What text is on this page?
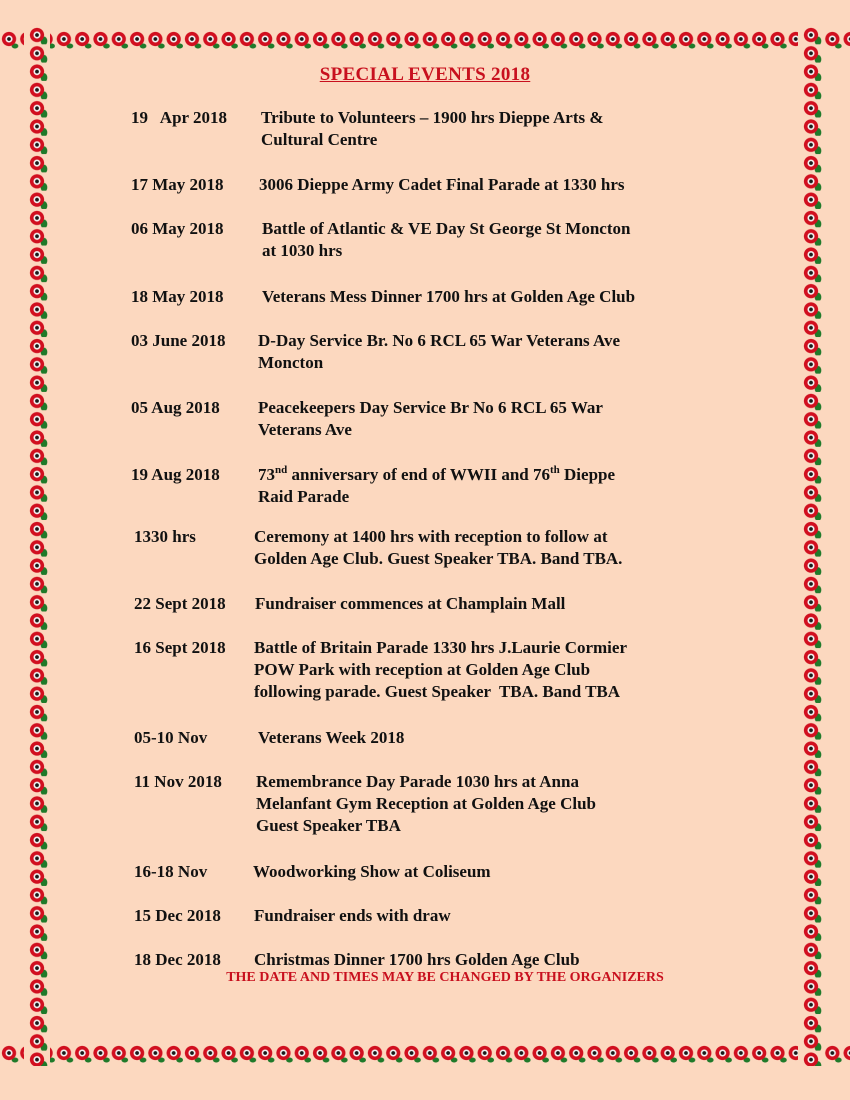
SPECIAL EVENTS 2018
19   Apr 2018 Tribute to Volunteers – 1900 hrs Dieppe Arts &
Cultural Centre
17 May 2018 3006 Dieppe Army Cadet Final Parade at 1330 hrs
06 May 2018 Battle of Atlantic & VE Day St George St Moncton
at 1030 hrs
18 May 2018 Veterans Mess Dinner 1700 hrs at Golden Age Club
03 June 2018 D-Day Service Br. No 6 RCL 65 War Veterans Ave
Moncton
05 Aug 2018 Peacekeepers Day Service Br No 6 RCL 65 War
Veterans Ave
19 Aug 2018 73nd anniversary of end of WWII and 76th Dieppe
Raid Parade
1330 hrs	Ceremony at 1400 hrs with reception to follow at
Golden Age Club. Guest Speaker TBA. Band TBA.
22 Sept 2018 Fundraiser commences at Champlain Mall
16 Sept 2018 Battle of Britain Parade 1330 hrs J.Laurie Cormier
POW Park with reception at Golden Age Club
following parade. Guest Speaker  TBA. Band TBA
05-10 Nov	Veterans Week 2018
11 Nov 2018 Remembrance Day Parade 1030 hrs at Anna
Melanfant Gym Reception at Golden Age Club
Guest Speaker TBA
16-18 Nov	Woodworking Show at Coliseum
15 Dec 2018 Fundraiser ends with draw
18 Dec 2018 Christmas Dinner 1700 hrs Golden Age Club
THE DATE AND TIMES MAY BE CHANGED BY THE ORGANIZERS
